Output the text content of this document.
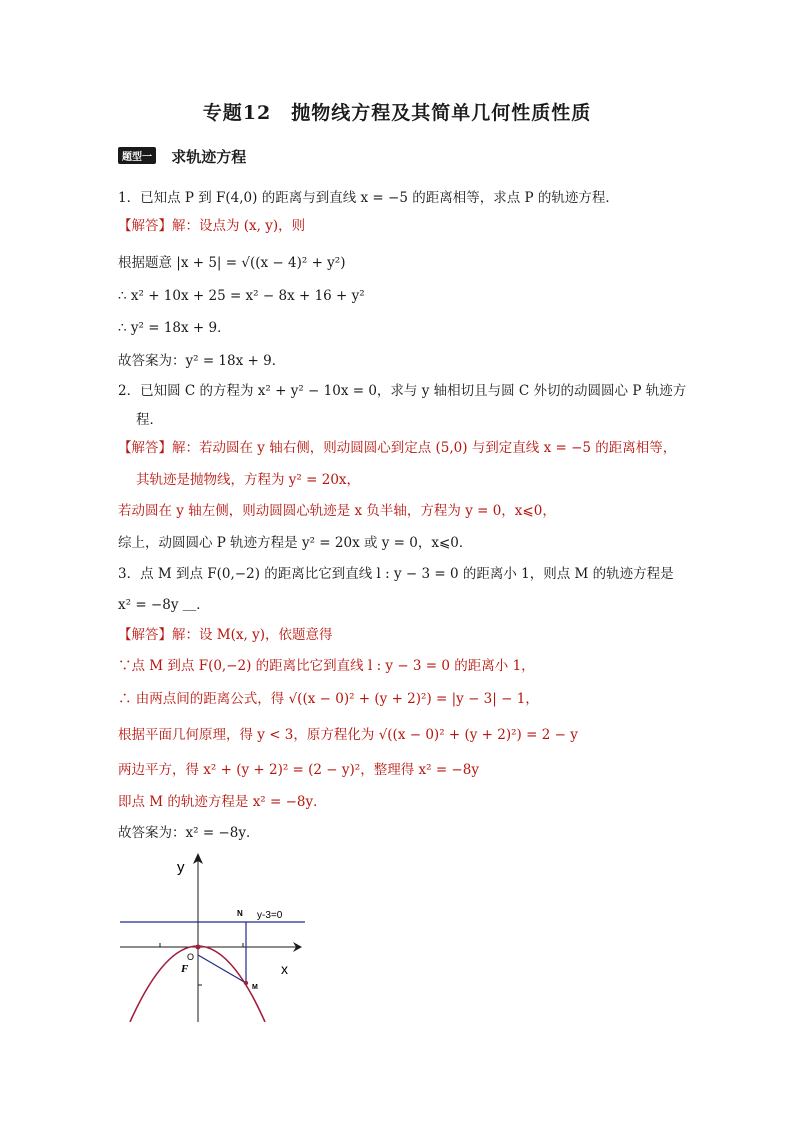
专题12　抛物线方程及其简单几何性质性质
题型一 求轨迹方程
1．已知点 P 到 F(4,0) 的距离与到直线 x = −5 的距离相等，求点 P 的轨迹方程．
【解答】解：设点为 (x, y)，则
根据题意 |x + 5| = √((x − 4)² + y²)
∴ x² + 10x + 25 = x² − 8x + 16 + y²
∴ y² = 18x + 9．
故答案为：y² = 18x + 9．
2．已知圆 C 的方程为 x² + y² − 10x = 0，求与 y 轴相切且与圆 C 外切的动圆圆心 P 轨迹方
程．
【解答】解：若动圆在 y 轴右侧，则动圆圆心到定点 (5,0) 与到定直线 x = −5 的距离相等，
其轨迹是抛物线，方程为 y² = 20x，
若动圆在 y 轴左侧，则动圆圆心轨迹是 x 负半轴，方程为 y = 0，x⩽0，
综上，动圆圆心 P 轨迹方程是 y² = 20x 或 y = 0，x⩽0．
3．点 M 到点 F(0,−2) 的距离比它到直线 l : y − 3 = 0 的距离小 1，则点 M 的轨迹方程是
x² = −8y ＿．
【解答】解：设 M(x, y)，依题意得
∵点 M 到点 F(0,−2) 的距离比它到直线 l : y − 3 = 0 的距离小 1，
∴ 由两点间的距离公式，得 √((x − 0)² + (y + 2)²) = |y − 3| − 1，
根据平面几何原理，得 y < 3，原方程化为 √((x − 0)² + (y + 2)²) = 2 − y
两边平方，得 x² + (y + 2)² = (2 − y)²，整理得 x² = −8y
即点 M 的轨迹方程是 x² = −8y．
故答案为：x² = −8y．
y
x
O
F
N
M
y-3=0
